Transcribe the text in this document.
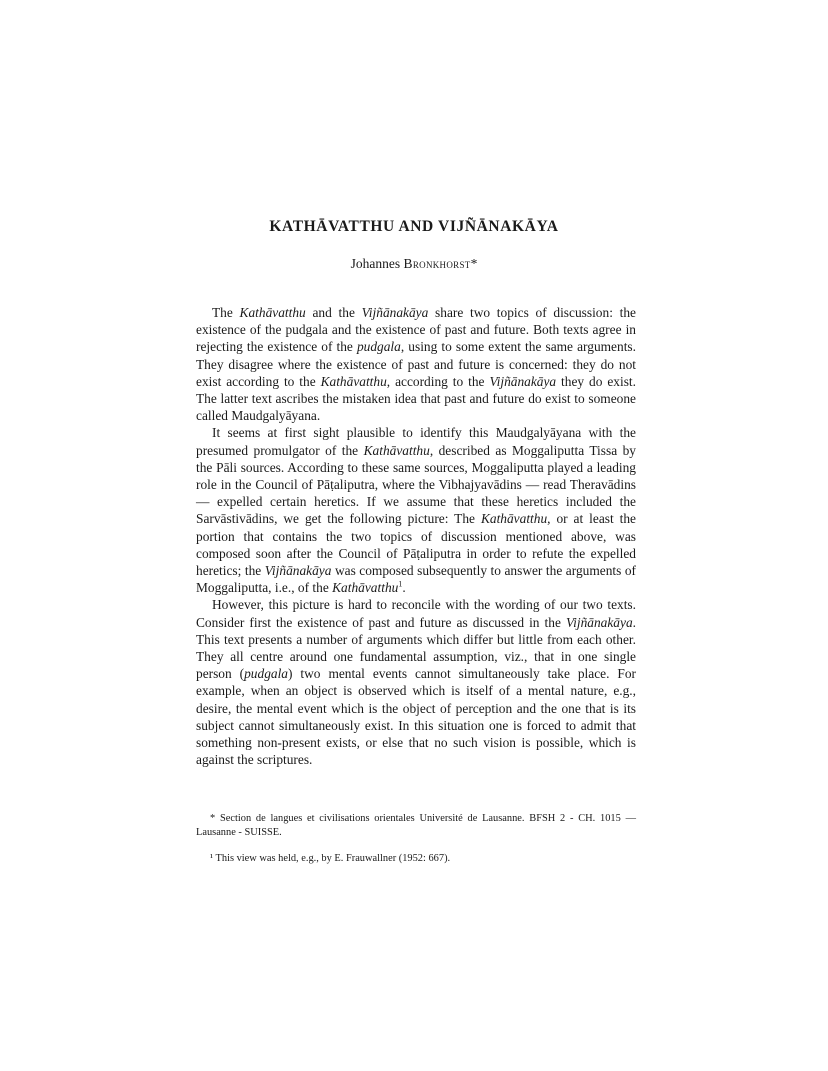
KATHĀVATTHU AND VIJÑĀNAKĀYA

Johannes Bronkhorst*

The Kathāvatthu and the Vijñānakāya share two topics of discussion: the existence of the pudgala and the existence of past and future. Both texts agree in rejecting the existence of the pudgala, using to some extent the same arguments. They disagree where the existence of past and future is concerned: they do not exist according to the Kathāvatthu, according to the Vijñānakāya they do exist. The latter text ascribes the mistaken idea that past and future do exist to someone called Maudgalyāyana.

It seems at first sight plausible to identify this Maudgalyāyana with the presumed promulgator of the Kathāvatthu, described as Moggaliputta Tissa by the Pāli sources. According to these same sources, Moggaliputta played a leading role in the Council of Pāṭaliputra, where the Vibhajyavādins — read Theravādins — expelled certain heretics. If we assume that these heretics included the Sarvāstivādins, we get the following picture: The Kathāvatthu, or at least the portion that contains the two topics of discussion mentioned above, was composed soon after the Council of Pāṭaliputra in order to refute the expelled heretics; the Vijñānakāya was composed subsequently to answer the arguments of Moggaliputta, i.e., of the Kathāvatthu$^1$.

However, this picture is hard to reconcile with the wording of our two texts. Consider first the existence of past and future as discussed in the Vijñānakāya. This text presents a number of arguments which differ but little from each other. They all centre around one fundamental assumption, viz., that in one single person (pudgala) two mental events cannot simultaneously take place. For example, when an object is observed which is itself of a mental nature, e.g., desire, the mental event which is the object of perception and the one that is its subject cannot simultaneously exist. In this situation one is forced to admit that something non-present exists, or else that no such vision is possible, which is against the scriptures.

* Section de langues et civilisations orientales Université de Lausanne. BFSH 2 - CH. 1015 — Lausanne - SUISSE.

¹ This view was held, e.g., by E. Frauwallner (1952: 667).
